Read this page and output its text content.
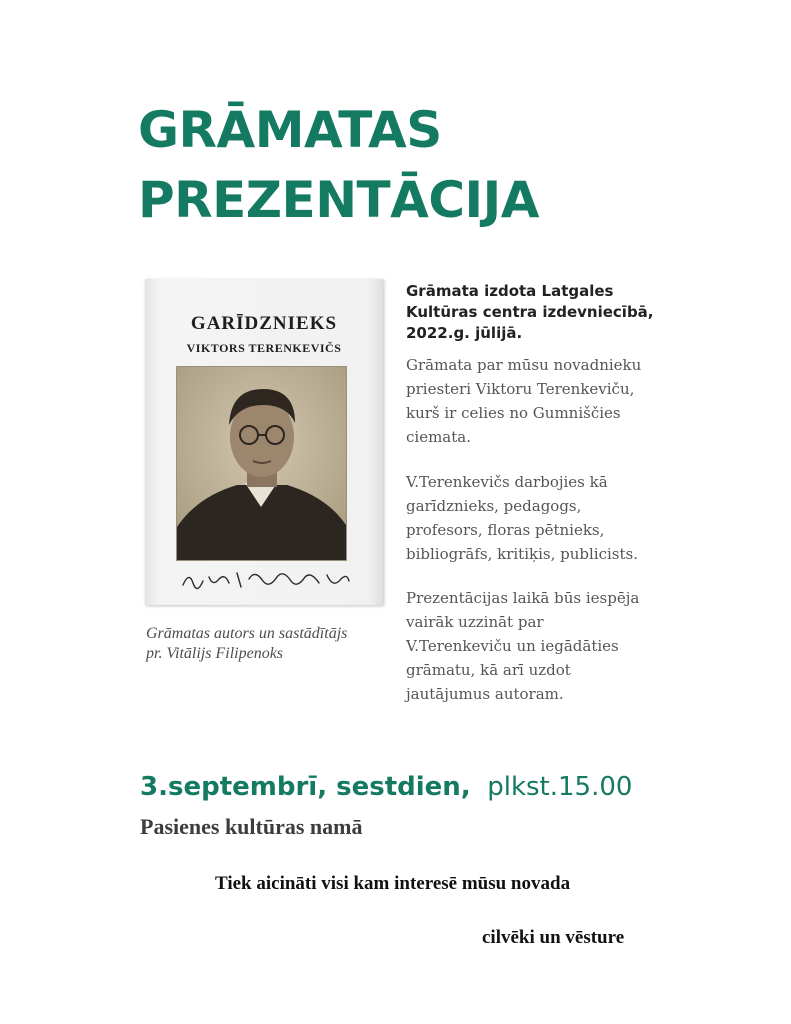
GRĀMATAS
PREZENTĀCIJA
GARĪDZNIEKS
VIKTORS TERENKEVIČS

Grāmatas autors un sastādītājs
pr. Vitālijs Filipenoks

Grāmata izdota Latgales
Kultūras centra izdevniecībā,
2022.g. jūlijā.

Grāmata par mūsu novadnieku
priesteri Viktoru Terenkeviču,
kurš ir celies no Gumniščies
ciemata.

V.Terenkevičs darbojies kā
garīdznieks, pedagogs,
profesors, floras pētnieks,
bibliogrāfs, kritiķis, publicists.

Prezentācijas laikā būs iespēja
vairāk uzzināt par
V.Terenkeviču un iegādāties
grāmatu, kā arī uzdot
jautājumus autoram.

3.septembrī, sestdien, plkst.15.00

Pasienes kultūras namā

Tiek aicināti visi kam interesē mūsu novada

cilvēki un vēsture
